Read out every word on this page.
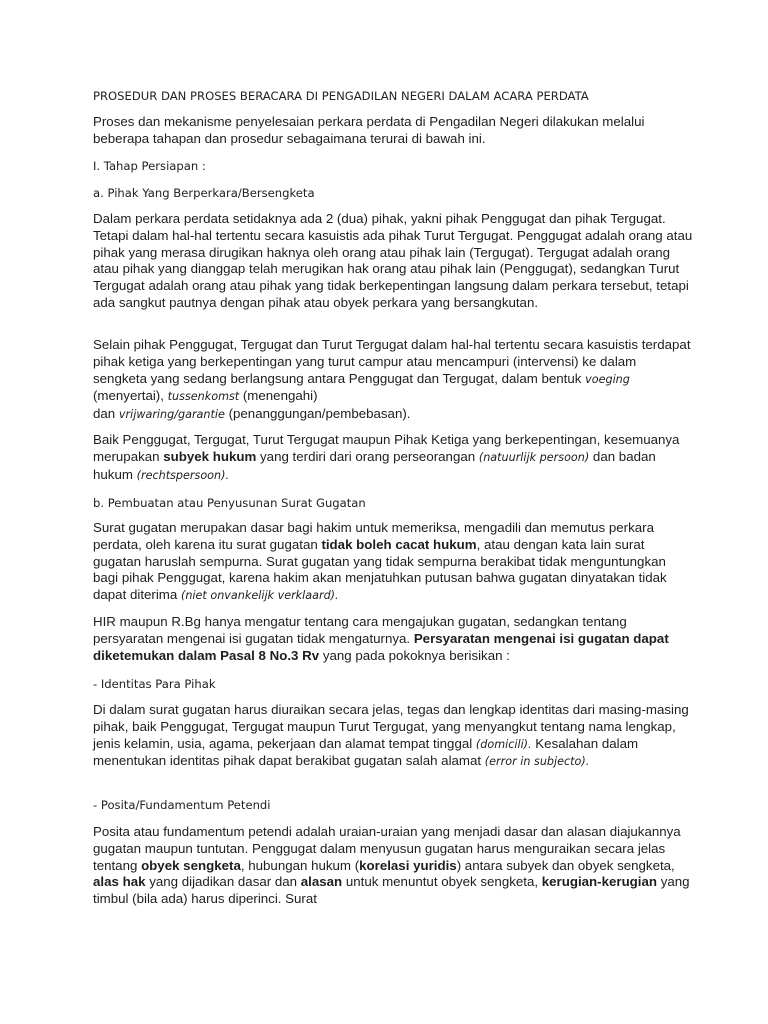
PROSEDUR DAN PROSES BERACARA DI PENGADILAN NEGERI DALAM ACARA PERDATA

Proses dan mekanisme penyelesaian perkara perdata di Pengadilan Negeri dilakukan melalui beberapa tahapan dan prosedur sebagaimana terurai di bawah ini.

I. Tahap Persiapan :

a. Pihak Yang Berperkara/Bersengketa

Dalam perkara perdata setidaknya ada 2 (dua) pihak, yakni pihak Penggugat dan pihak Tergugat. Tetapi dalam hal-hal tertentu secara kasuistis ada pihak Turut Tergugat. Penggugat adalah orang atau pihak yang merasa dirugikan haknya oleh orang atau pihak lain (Tergugat). Tergugat adalah orang atau pihak yang dianggap telah merugikan hak orang atau pihak lain (Penggugat), sedangkan Turut Tergugat adalah orang atau pihak yang tidak berkepentingan langsung dalam perkara tersebut, tetapi ada sangkut pautnya dengan pihak atau obyek perkara yang bersangkutan.

Selain pihak Penggugat, Tergugat dan Turut Tergugat dalam hal-hal tertentu secara kasuistis terdapat pihak ketiga yang berkepentingan yang turut campur atau mencampuri (intervensi) ke dalam sengketa yang sedang berlangsung antara Penggugat dan Tergugat, dalam bentuk voeging (menyertai), tussenkomst (menengahi)
dan vrijwaring/garantie (penanggungan/pembebasan).

Baik Penggugat, Tergugat, Turut Tergugat maupun Pihak Ketiga yang berkepentingan, kesemuanya merupakan subyek hukum yang terdiri dari orang perseorangan (natuurlijk persoon) dan badan hukum (rechtspersoon).

b. Pembuatan atau Penyusunan Surat Gugatan

Surat gugatan merupakan dasar bagi hakim untuk memeriksa, mengadili dan memutus perkara perdata, oleh karena itu surat gugatan tidak boleh cacat hukum, atau dengan kata lain surat gugatan haruslah sempurna. Surat gugatan yang tidak sempurna berakibat tidak menguntungkan bagi pihak Penggugat, karena hakim akan menjatuhkan putusan bahwa gugatan dinyatakan tidak dapat diterima (niet onvankelijk verklaard).

HIR maupun R.Bg hanya mengatur tentang cara mengajukan gugatan, sedangkan tentang persyaratan mengenai isi gugatan tidak mengaturnya. Persyaratan mengenai isi gugatan dapat diketemukan dalam Pasal 8 No.3 Rv yang pada pokoknya berisikan :

- Identitas Para Pihak

Di dalam surat gugatan harus diuraikan secara jelas, tegas dan lengkap identitas dari masing-masing pihak, baik Penggugat, Tergugat maupun Turut Tergugat, yang menyangkut tentang nama lengkap, jenis kelamin, usia, agama, pekerjaan dan alamat tempat tinggal (domicili). Kesalahan dalam menentukan identitas pihak dapat berakibat gugatan salah alamat (error in subjecto).

- Posita/Fundamentum Petendi

Posita atau fundamentum petendi adalah uraian-uraian yang menjadi dasar dan alasan diajukannya gugatan maupun tuntutan. Penggugat dalam menyusun gugatan harus menguraikan secara jelas tentang obyek sengketa, hubungan hukum (korelasi yuridis) antara subyek dan obyek sengketa, alas hak yang dijadikan dasar dan alasan untuk menuntut obyek sengketa, kerugian-kerugian yang timbul (bila ada) harus diperinci. Surat
